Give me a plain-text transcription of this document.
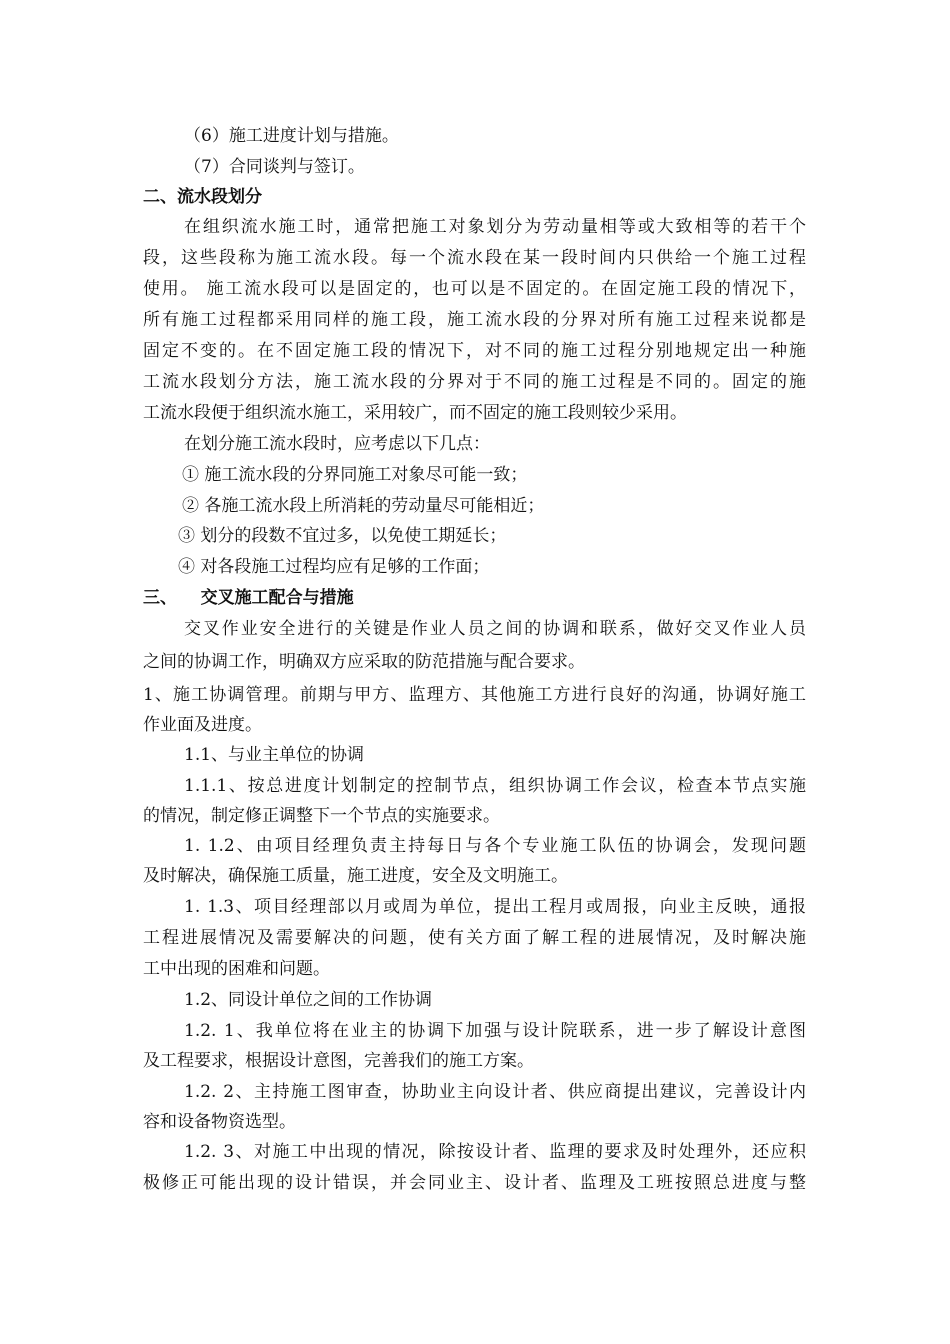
（6）施工进度计划与措施。
（7）合同谈判与签订。
二、流水段划分
在组织流水施工时，通常把施工对象划分为劳动量相等或大致相等的若干个
段，这些段称为施工流水段。每一个流水段在某一段时间内只供给一个施工过程
使用。 施工流水段可以是固定的，也可以是不固定的。在固定施工段的情况下，
所有施工过程都采用同样的施工段，施工流水段的分界对所有施工过程来说都是
固定不变的。在不固定施工段的情况下，对不同的施工过程分别地规定出一种施
工流水段划分方法，施工流水段的分界对于不同的施工过程是不同的。固定的施
工流水段便于组织流水施工，采用较广，而不固定的施工段则较少采用。
在划分施工流水段时，应考虑以下几点：
① 施工流水段的分界同施工对象尽可能一致；
② 各施工流水段上所消耗的劳动量尽可能相近；
③ 划分的段数不宜过多，以免使工期延长；
④ 对各段施工过程均应有足够的工作面；
三、    交叉施工配合与措施
交叉作业安全进行的关键是作业人员之间的协调和联系，做好交叉作业人员
之间的协调工作，明确双方应采取的防范措施与配合要求。
1、施工协调管理。前期与甲方、监理方、其他施工方进行良好的沟通，协调好施工
作业面及进度。
1.1、与业主单位的协调
1.1.1、按总进度计划制定的控制节点，组织协调工作会议，检查本节点实施
的情况，制定修正调整下一个节点的实施要求。
1. 1.2、由项目经理负责主持每日与各个专业施工队伍的协调会，发现问题
及时解决，确保施工质量，施工进度，安全及文明施工。
1. 1.3、项目经理部以月或周为单位，提出工程月或周报，向业主反映，通报
工程进展情况及需要解决的问题，使有关方面了解工程的进展情况，及时解决施
工中出现的困难和问题。
1.2、同设计单位之间的工作协调
1.2. 1、我单位将在业主的协调下加强与设计院联系，进一步了解设计意图
及工程要求，根据设计意图，完善我们的施工方案。
1.2. 2、主持施工图审查，协助业主向设计者、供应商提出建议，完善设计内
容和设备物资选型。
1.2. 3、对施工中出现的情况，除按设计者、监理的要求及时处理外，还应积
极修正可能出现的设计错误，并会同业主、设计者、监理及工班按照总进度与整
